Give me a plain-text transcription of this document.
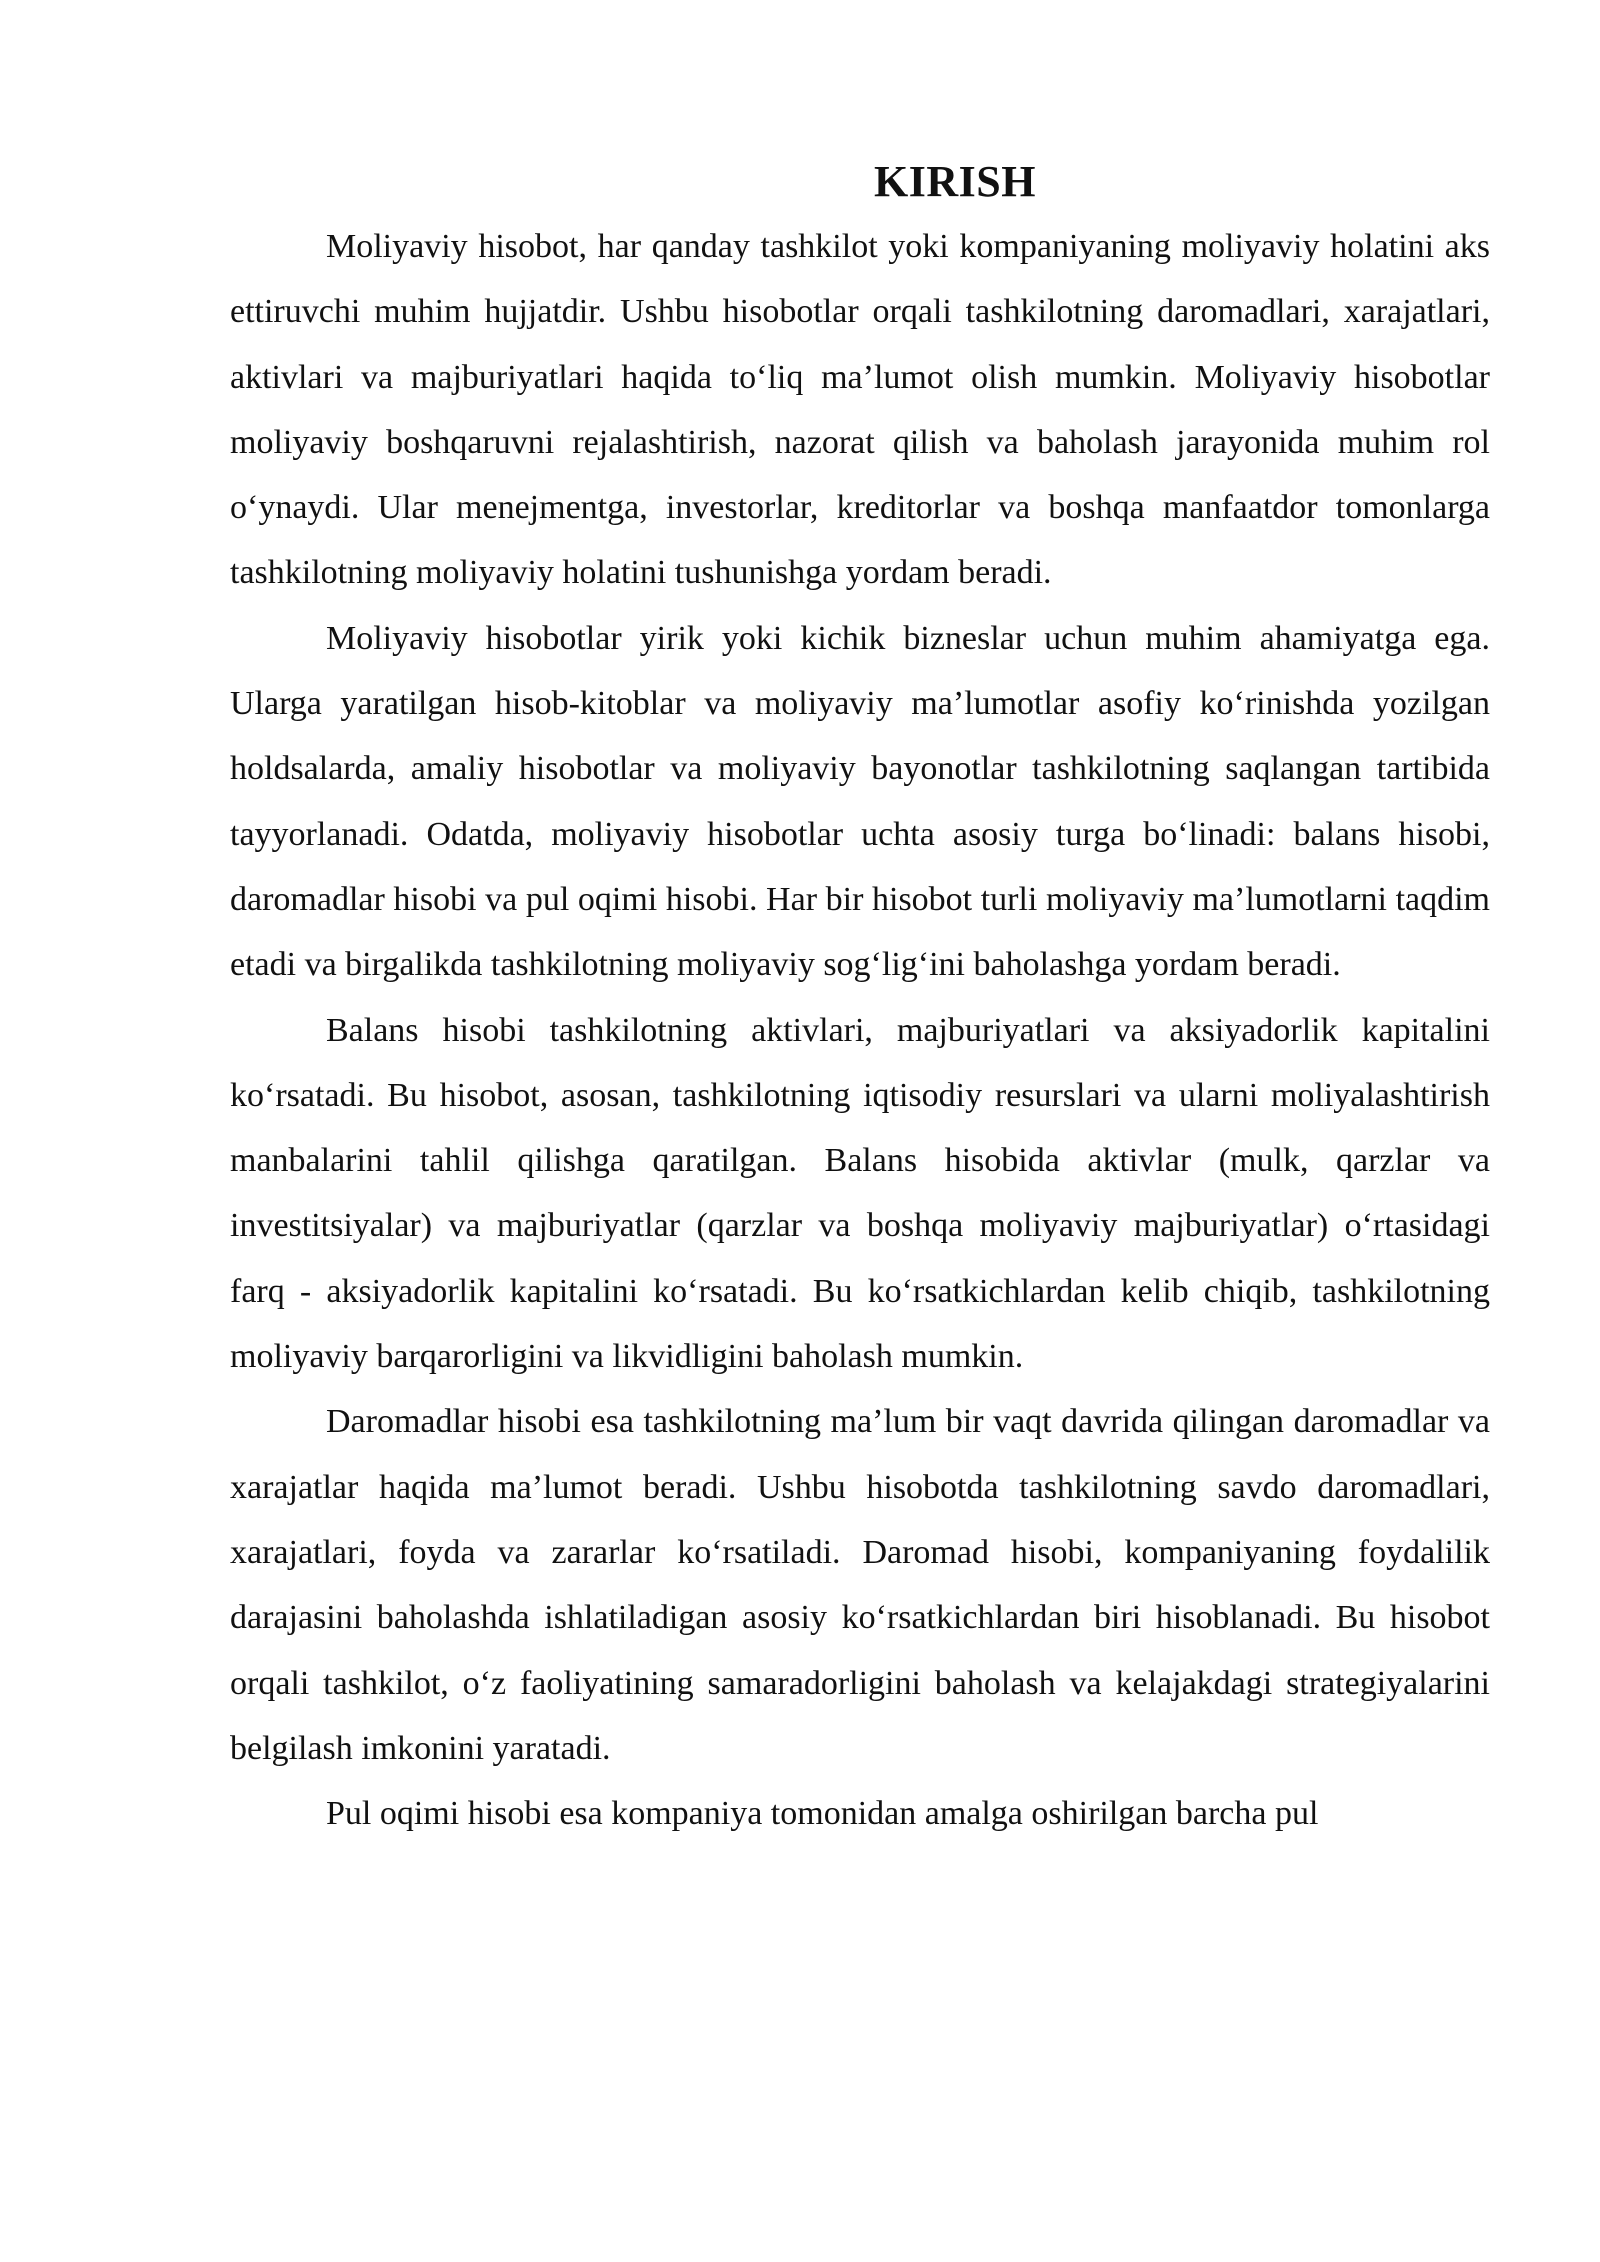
KIRISH

Moliyaviy hisobot, har qanday tashkilot yoki kompaniyaning moliyaviy holatini aks ettiruvchi muhim hujjatdir. Ushbu hisobotlar orqali tashkilotning daromadlari, xarajatlari, aktivlari va majburiyatlari haqida to‘liq ma’lumot olish mumkin. Moliyaviy hisobotlar moliyaviy boshqaruvni rejalashtirish, nazorat qilish va baholash jarayonida muhim rol o‘ynaydi. Ular menejmentga, investorlar, kreditorlar va boshqa manfaatdor tomonlarga tashkilotning moliyaviy holatini tushunishga yordam beradi.

Moliyaviy hisobotlar yirik yoki kichik bizneslar uchun muhim ahamiyatga ega. Ularga yaratilgan hisob-kitoblar va moliyaviy ma’lumotlar asofiy ko‘rinishda yozilgan holdsalarda, amaliy hisobotlar va moliyaviy bayonotlar tashkilotning saqlangan tartibida tayyorlanadi. Odatda, moliyaviy hisobotlar uchta asosiy turga bo‘linadi: balans hisobi, daromadlar hisobi va pul oqimi hisobi. Har bir hisobot turli moliyaviy ma’lumotlarni taqdim etadi va birgalikda tashkilotning moliyaviy sog‘lig‘ini baholashga yordam beradi.

Balans hisobi tashkilotning aktivlari, majburiyatlari va aksiyadorlik kapitalini ko‘rsatadi. Bu hisobot, asosan, tashkilotning iqtisodiy resurslari va ularni moliyalashtirish manbalarini tahlil qilishga qaratilgan. Balans hisobida aktivlar (mulk, qarzlar va investitsiyalar) va majburiyatlar (qarzlar va boshqa moliyaviy majburiyatlar) o‘rtasidagi farq - aksiyadorlik kapitalini ko‘rsatadi. Bu ko‘rsatkichlardan kelib chiqib, tashkilotning moliyaviy barqarorligini va likvidligini baholash mumkin.

Daromadlar hisobi esa tashkilotning ma’lum bir vaqt davrida qilingan daromadlar va xarajatlar haqida ma’lumot beradi. Ushbu hisobotda tashkilotning savdo daromadlari, xarajatlari, foyda va zararlar ko‘rsatiladi. Daromad hisobi, kompaniyaning foydalilik darajasini baholashda ishlatiladigan asosiy ko‘rsatkichlardan biri hisoblanadi. Bu hisobot orqali tashkilot, o‘z faoliyatining samaradorligini baholash va kelajakdagi strategiyalarini belgilash imkonini yaratadi.

Pul oqimi hisobi esa kompaniya tomonidan amalga oshirilgan barcha pul
